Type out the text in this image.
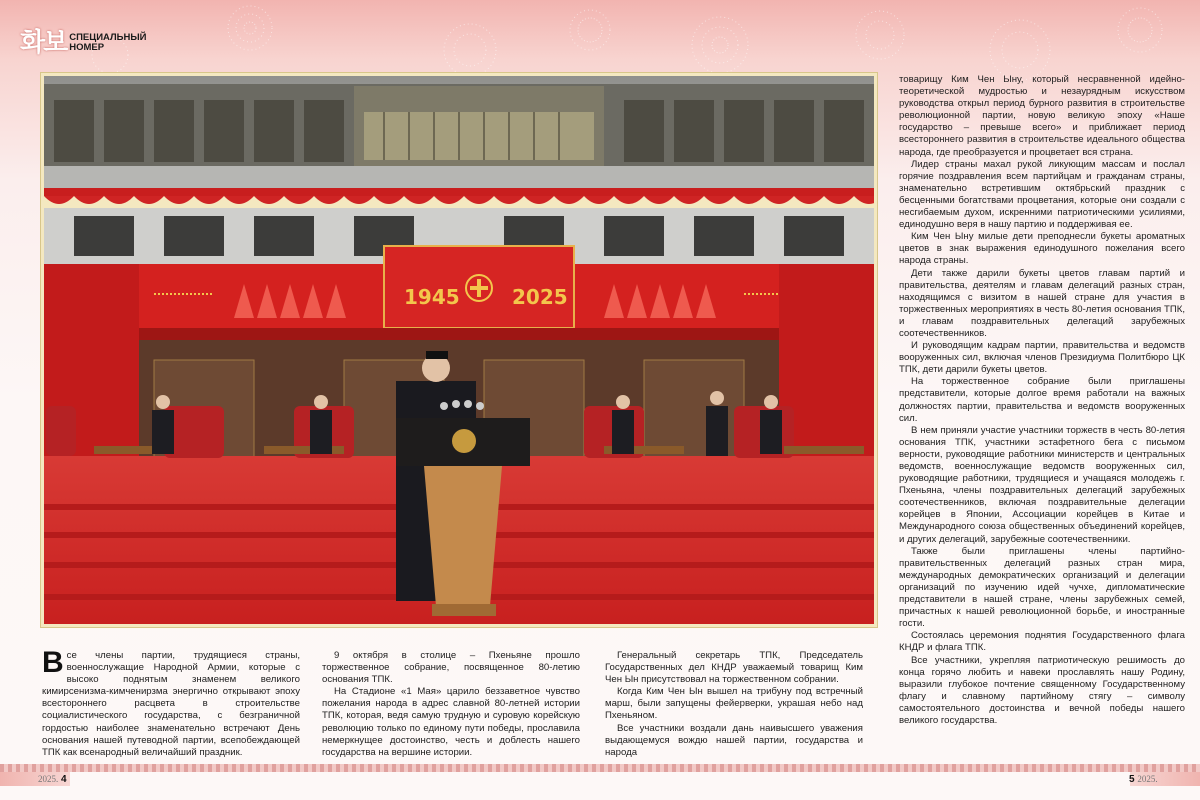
화보 СПЕЦИАЛЬНЫЙ
НОМЕР
1945	2025

товарищу Ким Чен Ыну, который несравненной идейно-теоретической мудростью и незаурядным искусством руководства открыл период бурного развития в строительстве революционной партии, новую великую эпоху «Наше государство – превыше всего» и приближает период всестороннего развития в строительстве идеального общества народа, где преобразуется и процветает вся страна.

Лидер страны махал рукой ликующим массам и послал горячие поздравления всем партийцам и гражданам страны, знаменательно встретившим октябрьский праздник с бесценными богатствами процветания, которые они создали с несгибаемым духом, искренними патриотическими усилиями, единодушно веря в нашу партию и поддерживая ее.

Ким Чен Ыну милые дети преподнесли букеты ароматных цветов в знак выражения единодушного пожелания всего народа страны.

Дети также дарили букеты цветов главам партий и правительства, деятелям и главам делегаций разных стран, находящимся с визитом в нашей стране для участия в торжественных мероприятиях в честь 80-летия основания ТПК, и главам поздравительных делегаций зарубежных соотечественников.

И руководящим кадрам партии, правительства и ведомств вооруженных сил, включая членов Президиума Политбюро ЦК ТПК, дети дарили букеты цветов.

На торжественное собрание были приглашены представители, которые долгое время работали на важных должностях партии, правительства и ведомств вооруженных сил.

В нем приняли участие участники торжеств в честь 80-летия основания ТПК, участники эстафетного бега с письмом верности, руководящие работники министерств и центральных ведомств, военнослужащие ведомств вооруженных сил, руководящие работники, трудящиеся и учащаяся молодежь г. Пхеньяна, члены поздравительных делегаций зарубежных соотечественников, включая поздравительные делегации корейцев в Японии, Ассоциации корейцев в Китае и Международного союза общественных объединений корейцев, и других делегаций, зарубежные соотечественники.

Также были приглашены члены партийно-правительственных делегаций разных стран мира, международных демократических организаций и делегации организаций по изучению идей чучхе, дипломатические представители в нашей стране, члены зарубежных семей, причастных к нашей революционной борьбе, и иностранные гости.

Состоялась церемония поднятия Государственного флага КНДР и флага ТПК.

Все участники, укрепляя патриотическую решимость до конца горячо любить и навеки прославлять нашу Родину, выразили глубокое почтение священному Государственному флагу и славному партийному стягу – символу самостоятельного достоинства и вечной победы нашего великого государства.

Все члены партии, трудящиеся страны, военнослужащие Народной Армии, которые с высоко поднятым знаменем великого кимирсенизма-кимченирзма энергично открывают эпоху всестороннего расцвета в строительстве социалистического государства, с безграничной гордостью наиболее знаменательно встречают День основания нашей путеводной партии, всепобеждающей ТПК как всенародный величайший праздник.

9 октября в столице – Пхеньяне прошло торжественное собрание, посвященное 80-летию основания ТПК.

На Стадионе «1 Мая» царило беззаветное чувство пожелания народа в адрес славной 80-летней истории ТПК, которая, ведя самую трудную и суровую корейскую революцию только по единому пути победы, прославила немеркнущее достоинство, честь и доблесть нашего государства на вершине истории.

Генеральный секретарь ТПК, Председатель Государственных дел КНДР уважаемый товарищ Ким Чен Ын присутствовал на торжественном собрании.

Когда Ким Чен Ын вышел на трибуну под встречный марш, были запущены фейерверки, украшая небо над Пхеньяном.

Все участники воздали дань наивысшего уважения выдающемуся вождю нашей партии, государства и народа

2025. 4	5 2025.
